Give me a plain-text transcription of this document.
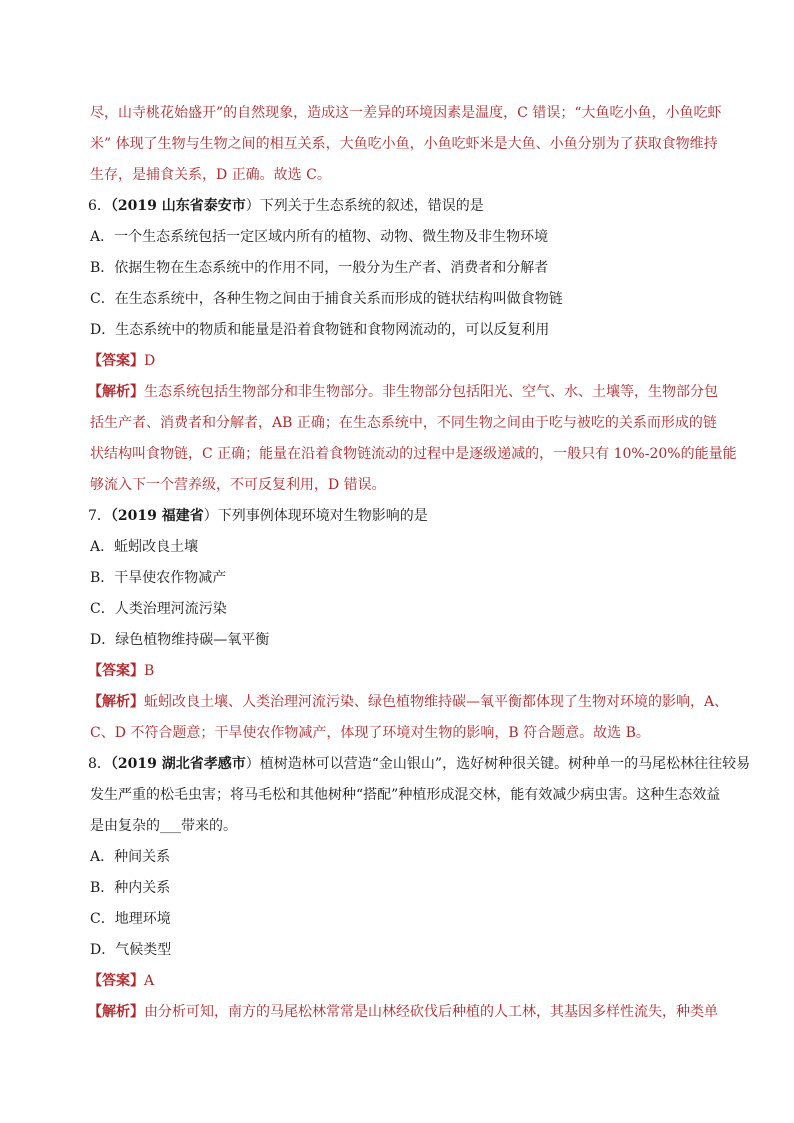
尽，山寺桃花始盛开”的自然现象，造成这一差异的环境因素是温度，C 错误；“大鱼吃小鱼，小鱼吃虾
米” 体现了生物与生物之间的相互关系，大鱼吃小鱼，小鱼吃虾米是大鱼、小鱼分别为了获取食物维持
生存，是捕食关系，D 正确。故选 C。
6．（2019 山东省泰安市）下列关于生态系统的叙述，错误的是
A．一个生态系统包括一定区域内所有的植物、动物、微生物及非生物环境
B．依据生物在生态系统中的作用不同，一般分为生产者、消费者和分解者
C．在生态系统中，各种生物之间由于捕食关系而形成的链状结构叫做食物链
D．生态系统中的物质和能量是沿着食物链和食物网流动的，可以反复利用
【答案】D
【解析】生态系统包括生物部分和非生物部分。非生物部分包括阳光、空气、水、土壤等，生物部分包
括生产者、消费者和分解者，AB 正确；在生态系统中，不同生物之间由于吃与被吃的关系而形成的链
状结构叫食物链，C 正确；能量在沿着食物链流动的过程中是逐级递减的，一般只有 10%-20%的能量能
够流入下一个营养级，不可反复利用，D 错误。
7．（2019 福建省）下列事例体现环境对生物影响的是
A．蚯蚓改良土壤
B．干旱使农作物减产
C．人类治理河流污染
D．绿色植物维持碳—氧平衡
【答案】B
【解析】蚯蚓改良土壤、人类治理河流污染、绿色植物维持碳—氧平衡都体现了生物对环境的影响，A、
C、D 不符合题意；干旱使农作物减产，体现了环境对生物的影响，B 符合题意。故选 B。
8．（2019 湖北省孝感市）植树造林可以营造“金山银山”，选好树种很关键。树种单一的马尾松林往往较易
发生严重的松毛虫害；将马毛松和其他树种“搭配”种植形成混交林，能有效减少病虫害。这种生态效益
是由复杂的___带来的。
A．种间关系
B．种内关系
C．地理环境
D．气候类型
【答案】A
【解析】由分析可知，南方的马尾松林常常是山林经砍伐后种植的人工林，其基因多样性流失，种类单
